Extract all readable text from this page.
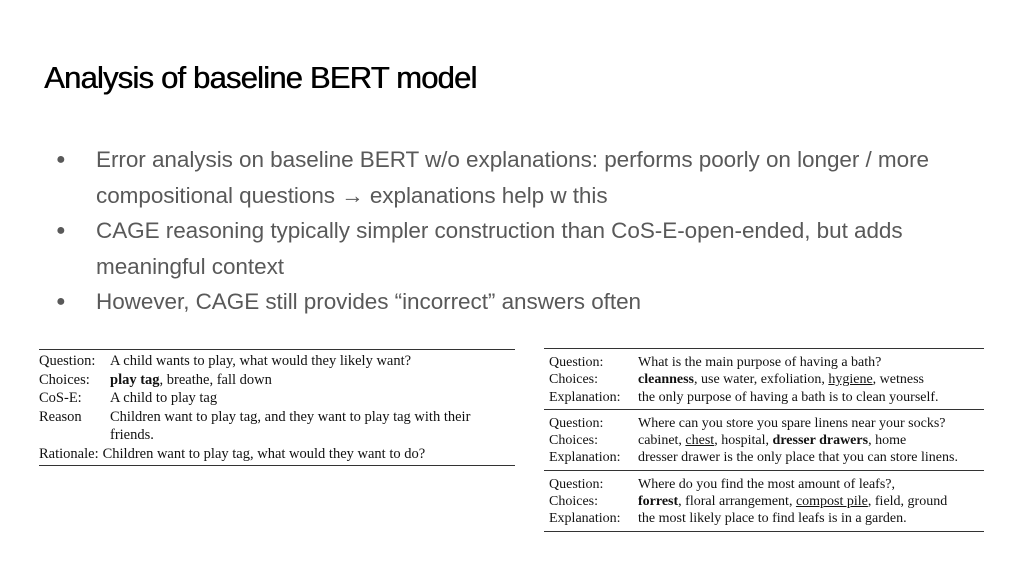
Analysis of baseline BERT model
● Error analysis on baseline BERT w/o explanations: performs poorly on longer / more compositional questions → explanations help w this
● CAGE reasoning typically simpler construction than CoS-E-open-ended, but adds meaningful context
● However, CAGE still provides “incorrect” answers often
Question:	A child wants to play, what would they likely want?
Choices:	play tag, breathe, fall down
CoS-E:	A child to play tag
Reason	Children want to play tag, and they want to play tag with their friends.
Rationale: Children want to play tag, what would they want to do?
Question:	What is the main purpose of having a bath?
Choices:	cleanness, use water, exfoliation, hygiene, wetness
Explanation:	the only purpose of having a bath is to clean yourself.
Question:	Where can you store you spare linens near your socks?
Choices:	cabinet, chest, hospital, dresser drawers, home
Explanation:	dresser drawer is the only place that you can store linens.
Question:	Where do you find the most amount of leafs?,
Choices:	forrest, floral arrangement, compost pile, field, ground
Explanation:	the most likely place to find leafs is in a garden.
